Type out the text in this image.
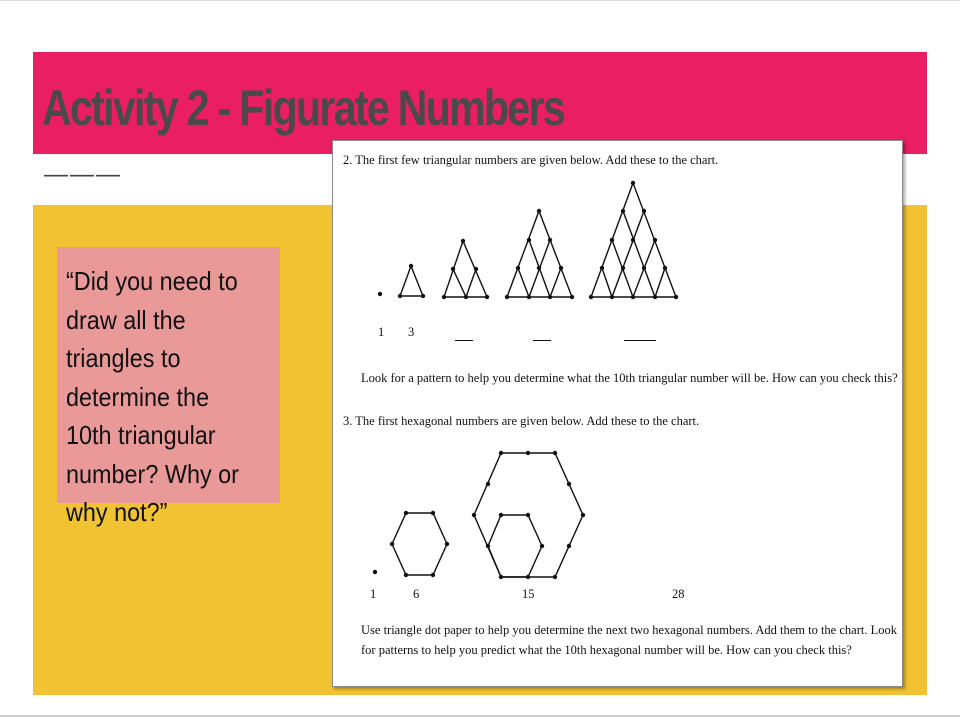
Activity 2 - Figurate Numbers
———
“Did you need to draw all the triangles to determine the 10th triangular number? Why or why not?”
2. The first few triangular numbers are given below. Add these to the chart.
1 3
Look for a pattern to help you determine what the 10th triangular number will be. How can you check this?
3. The first hexagonal numbers are given below. Add these to the chart.
1	6	15	28
Use triangle dot paper to help you determine the next two hexagonal numbers. Add them to the chart. Look
for patterns to help you predict what the 10th hexagonal number will be. How can you check this?
